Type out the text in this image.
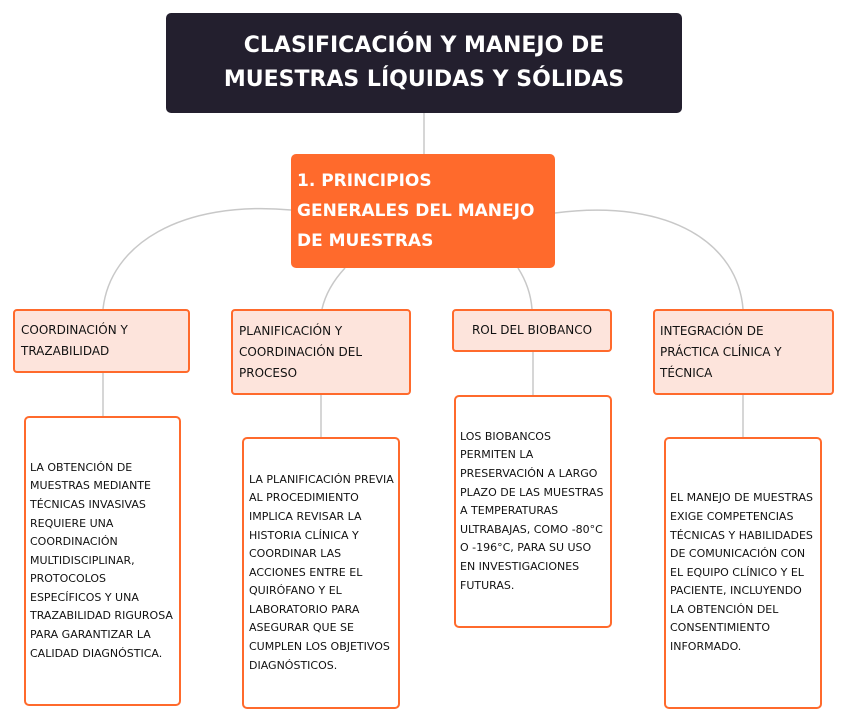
CLASIFICACIÓN Y MANEJO DE MUESTRAS LÍQUIDAS Y SÓLIDAS
1. PRINCIPIOS GENERALES DEL MANEJO DE MUESTRAS
COORDINACIÓN Y TRAZABILIDAD
PLANIFICACIÓN Y COORDINACIÓN DEL PROCESO
ROL DEL BIOBANCO	INTEGRACIÓN DE PRÁCTICA CLÍNICA Y TÉCNICA
LA OBTENCIÓN DE MUESTRAS MEDIANTE TÉCNICAS INVASIVAS REQUIERE UNA COORDINACIÓN MULTIDISCIPLINAR, PROTOCOLOS ESPECÍFICOS Y UNA TRAZABILIDAD RIGUROSA PARA GARANTIZAR LA CALIDAD DIAGNÓSTICA.
LA PLANIFICACIÓN PREVIA AL PROCEDIMIENTO IMPLICA REVISAR LA HISTORIA CLÍNICA Y COORDINAR LAS ACCIONES ENTRE EL QUIRÓFANO Y EL LABORATORIO PARA ASEGURAR QUE SE CUMPLEN LOS OBJETIVOS DIAGNÓSTICOS.
LOS BIOBANCOS PERMITEN LA PRESERVACIÓN A LARGO PLAZO DE LAS MUESTRAS A TEMPERATURAS ULTRABAJAS, COMO -80°C O -196°C, PARA SU USO EN INVESTIGACIONES FUTURAS.
EL MANEJO DE MUESTRAS EXIGE COMPETENCIAS TÉCNICAS Y HABILIDADES DE COMUNICACIÓN CON EL EQUIPO CLÍNICO Y EL PACIENTE, INCLUYENDO LA OBTENCIÓN DEL CONSENTIMIENTO INFORMADO.
